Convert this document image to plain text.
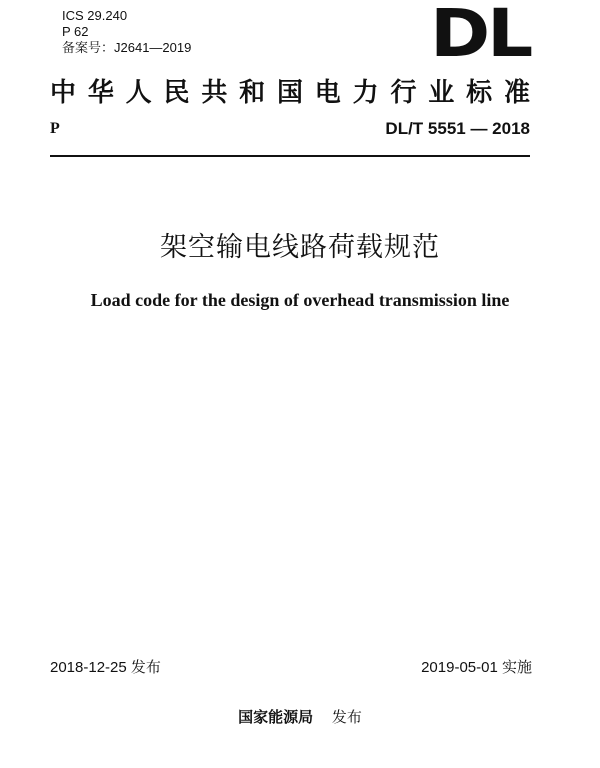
ICS 29.240
P 62
备案号：J2641—2019	DL
中 华 人 民 共 和 国 电 力 行 业 标 准
P	DL/T 5551 — 2018
架空输电线路荷载规范
Load code for the design of overhead transmission line
2018-12-25 发布	2019-05-01 实施
国家能源局 发布
